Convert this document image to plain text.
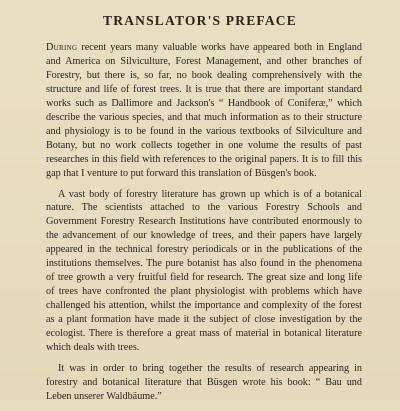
TRANSLATOR'S PREFACE

During recent years many valuable works have appeared both in England and America on Silviculture, Forest Management, and other branches of Forestry, but there is, so far, no book dealing comprehensively with the structure and life of forest trees. It is true that there are important standard works such as Dallimore and Jackson's “ Handbook of Coniferæ,” which describe the various species, and that much information as to their structure and physiology is to be found in the various textbooks of Silviculture and Botany, but no work collects together in one volume the results of past researches in this field with references to the original papers. It is to fill this gap that I venture to put forward this translation of Büsgen's book.

A vast body of forestry literature has grown up which is of a botanical nature. The scientists attached to the various Forestry Schools and Government Forestry Research Institutions have contributed enormously to the advancement of our knowledge of trees, and their papers have largely appeared in the technical forestry periodicals or in the publications of the institutions themselves. The pure botanist has also found in the phenomena of tree growth a very fruitful field for research. The great size and long life of trees have confronted the plant physiologist with problems which have challenged his attention, whilst the importance and complexity of the forest as a plant formation have made it the subject of close investigation by the ecologist. There is therefore a great mass of material in botanical literature which deals with trees.

It was in order to bring together the results of research appearing in forestry and botanical literature that Büsgen wrote his book: “ Bau und Leben unserer Waldbäume.”
